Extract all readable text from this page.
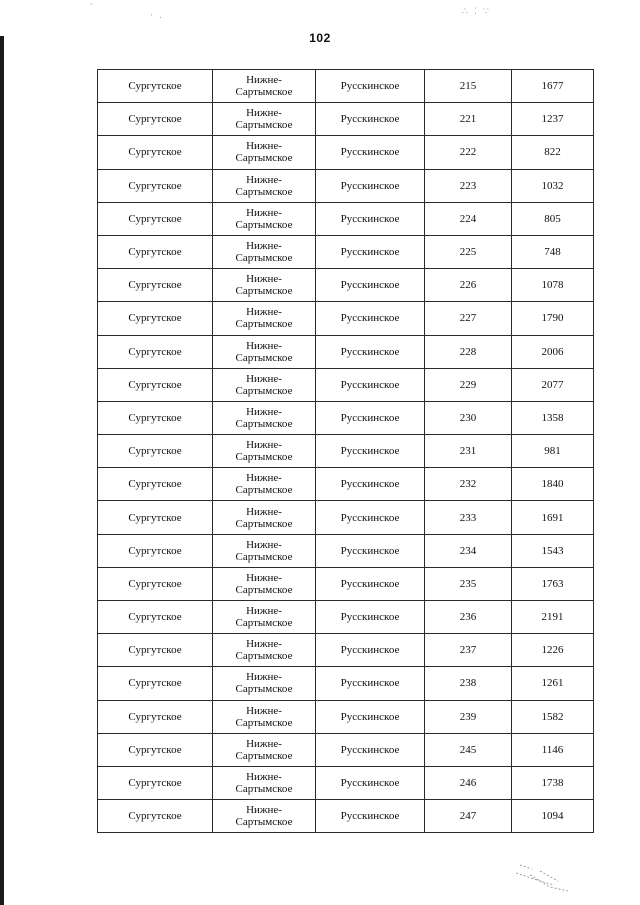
· .	∴ ⁚ ∵
`
102
Сургутское	Нижне-
Сартымское	Русскинское	215	1677
Сургутское	Нижне-
Сартымское	Русскинское	221	1237
Сургутское	Нижне-
Сартымское	Русскинское	222	822
Сургутское	Нижне-
Сартымское	Русскинское	223	1032
Сургутское	Нижне-
Сартымское	Русскинское	224	805
Сургутское	Нижне-
Сартымское	Русскинское	225	748
Сургутское	Нижне-
Сартымское	Русскинское	226	1078
Сургутское	Нижне-
Сартымское	Русскинское	227	1790
Сургутское	Нижне-
Сартымское	Русскинское	228	2006
Сургутское	Нижне-
Сартымское	Русскинское	229	2077
Сургутское	Нижне-
Сартымское	Русскинское	230	1358
Сургутское	Нижне-
Сартымское	Русскинское	231	981
Сургутское	Нижне-
Сартымское	Русскинское	232	1840
Сургутское	Нижне-
Сартымское	Русскинское	233	1691
Сургутское	Нижне-
Сартымское	Русскинское	234	1543
Сургутское	Нижне-
Сартымское	Русскинское	235	1763
Сургутское	Нижне-
Сартымское	Русскинское	236	2191
Сургутское	Нижне-
Сартымское	Русскинское	237	1226
Сургутское	Нижне-
Сартымское	Русскинское	238	1261
Сургутское	Нижне-
Сартымское	Русскинское	239	1582
Сургутское	Нижне-
Сартымское	Русскинское	245	1146
Сургутское	Нижне-
Сартымское	Русскинское	246	1738
Сургутское	Нижне-
Сартымское	Русскинское	247	1094
